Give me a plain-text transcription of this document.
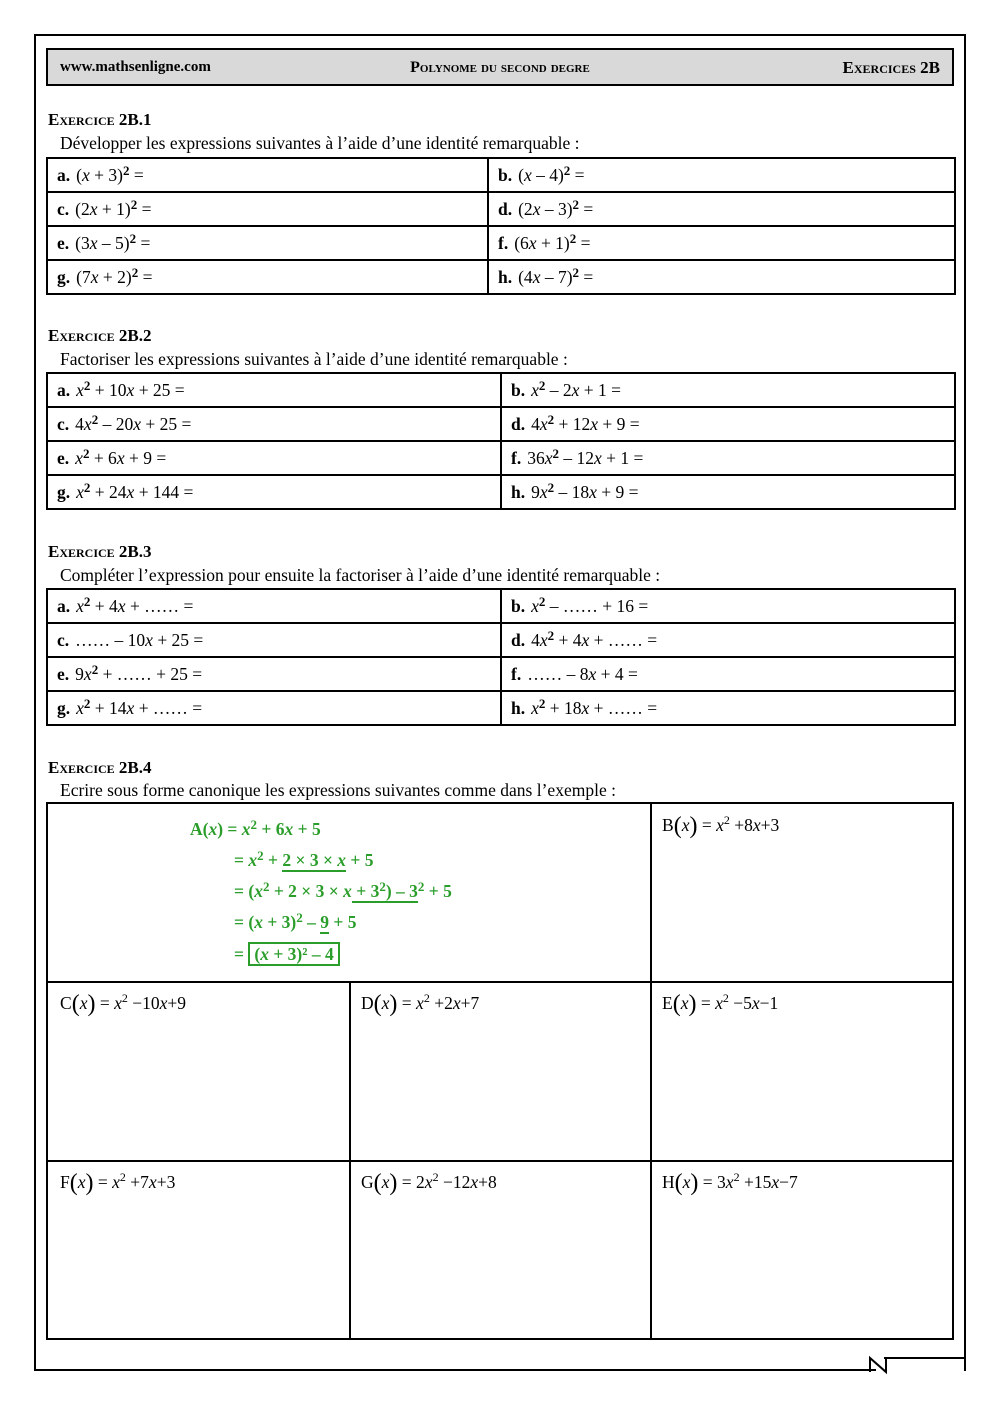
www.mathsenligne.com	Polynome du second degre	Exercices 2B
Exercice 2B.1
Développer les expressions suivantes à l’aide d’une identité remarquable :
a. $(x + 3)^2$ =	b. (x – 4)$^2$ =
c. $(2x + 1)^2$ =	d. (2x – 3)$^2$ =
e. (3x – 5)$^2$ =	f. $(6x + 1)^2$ =
g. $(7x + 2)^2$ =	h. (4x – 7)$^2$ =
Exercice 2B.2
Factoriser les expressions suivantes à l’aide d’une identité remarquable :
a. $x^2 + 10x + 25$ =	b. $x^2 - 2x + 1$ =
c. $4x^2 - 20x + 25$ =	d. $4x^2 + 12x + 9$ =
e. $x^2 + 6x + 9$ =	f. $36x^2 - 12x + 1$ =
g. $x^2 + 24x + 144$ =	h. $9x^2 - 18x + 9$ =
Exercice 2B.3
Compléter l’expression pour ensuite la factoriser à l’aide d’une identité remarquable :
a. $x^2 + 4x$ + …… =	b. $x^2$ – …… + 16 =
c. …… – 10x + 25 =	d. $4x^2 + 4x$ + …… =
e. $9x^2$ + …… + 25 =	f. …… – 8x + 4 =
g. $x^2 + 14x$ + …… =	h. $x^2 + 18x$ + …… =
Exercice 2B.4
Ecrire sous forme canonique les expressions suivantes comme dans l’exemple :
$A(x) = x^2 + 6x + 5$
= $x^2 + 2 \times 3 \times x + 5$
= $(x^2 + 2 \times 3 \times x + 3^2) - 3^2 + 5$
= $(x + 3)^2 - 9 + 5$
= (x + 3)² – 4
$B(x) = x^2 +8x+3$
$C(x) = x^2 -10x+9$	$D(x) = x^2 +2x+7$	$E(x) = x^2 -5x-1$
$F(x) = x^2 +7x+3$	$G(x) = 2x^2 -12x+8$	$H(x) = 3x^2 +15x-7$
